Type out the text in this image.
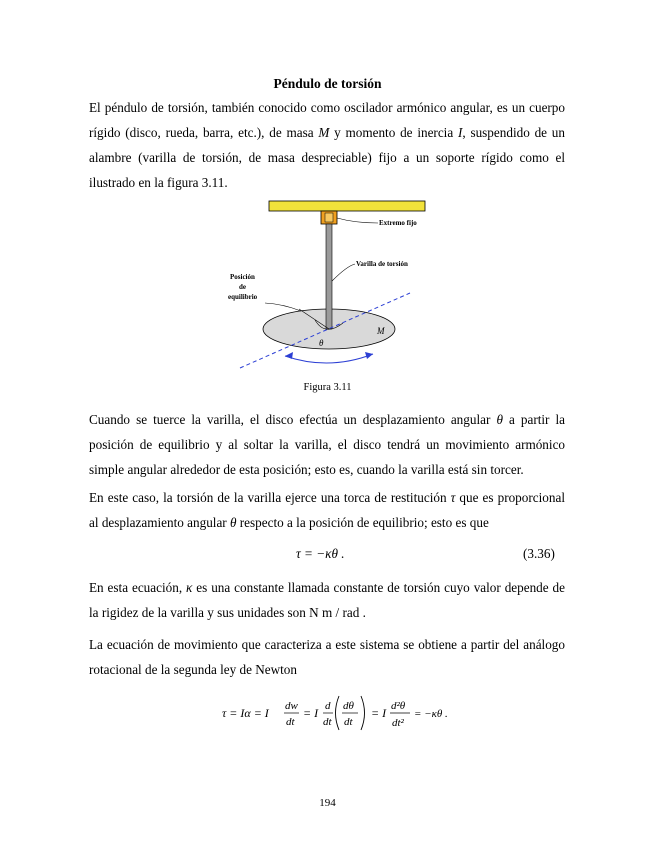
Péndulo de torsión

El péndulo de torsión, también conocido como oscilador armónico angular, es un cuerpo rígido (disco, rueda, barra, etc.), de masa M y momento de inercia I, suspendido de un alambre (varilla de torsión, de masa despreciable) fijo a un soporte rígido como el ilustrado en la figura 3.11.

Extremo fijo
Varilla de torsión
Posición
de
equilibrio
M
θ
Figura 3.11

Cuando se tuerce la varilla, el disco efectúa un desplazamiento angular θ a partir la posición de equilibrio y al soltar la varilla, el disco tendrá un movimiento armónico simple angular alrededor de esta posición; esto es, cuando la varilla está sin torcer.

En este caso, la torsión de la varilla ejerce una torca de restitución τ que es proporcional al desplazamiento angular θ respecto a la posición de equilibrio; esto es que

τ = −κθ .	(3.36)

En esta ecuación, κ es una constante llamada constante de torsión cuyo valor depende de la rigidez de la varilla y sus unidades son N m / rad .

La ecuación de movimiento que caracteriza a este sistema se obtiene a partir del análogo rotacional de la segunda ley de Newton

τ = Iα = I dw
dt
= I d
dt
dθ
dt
= I d²θ
dt²
= −κθ .
194
